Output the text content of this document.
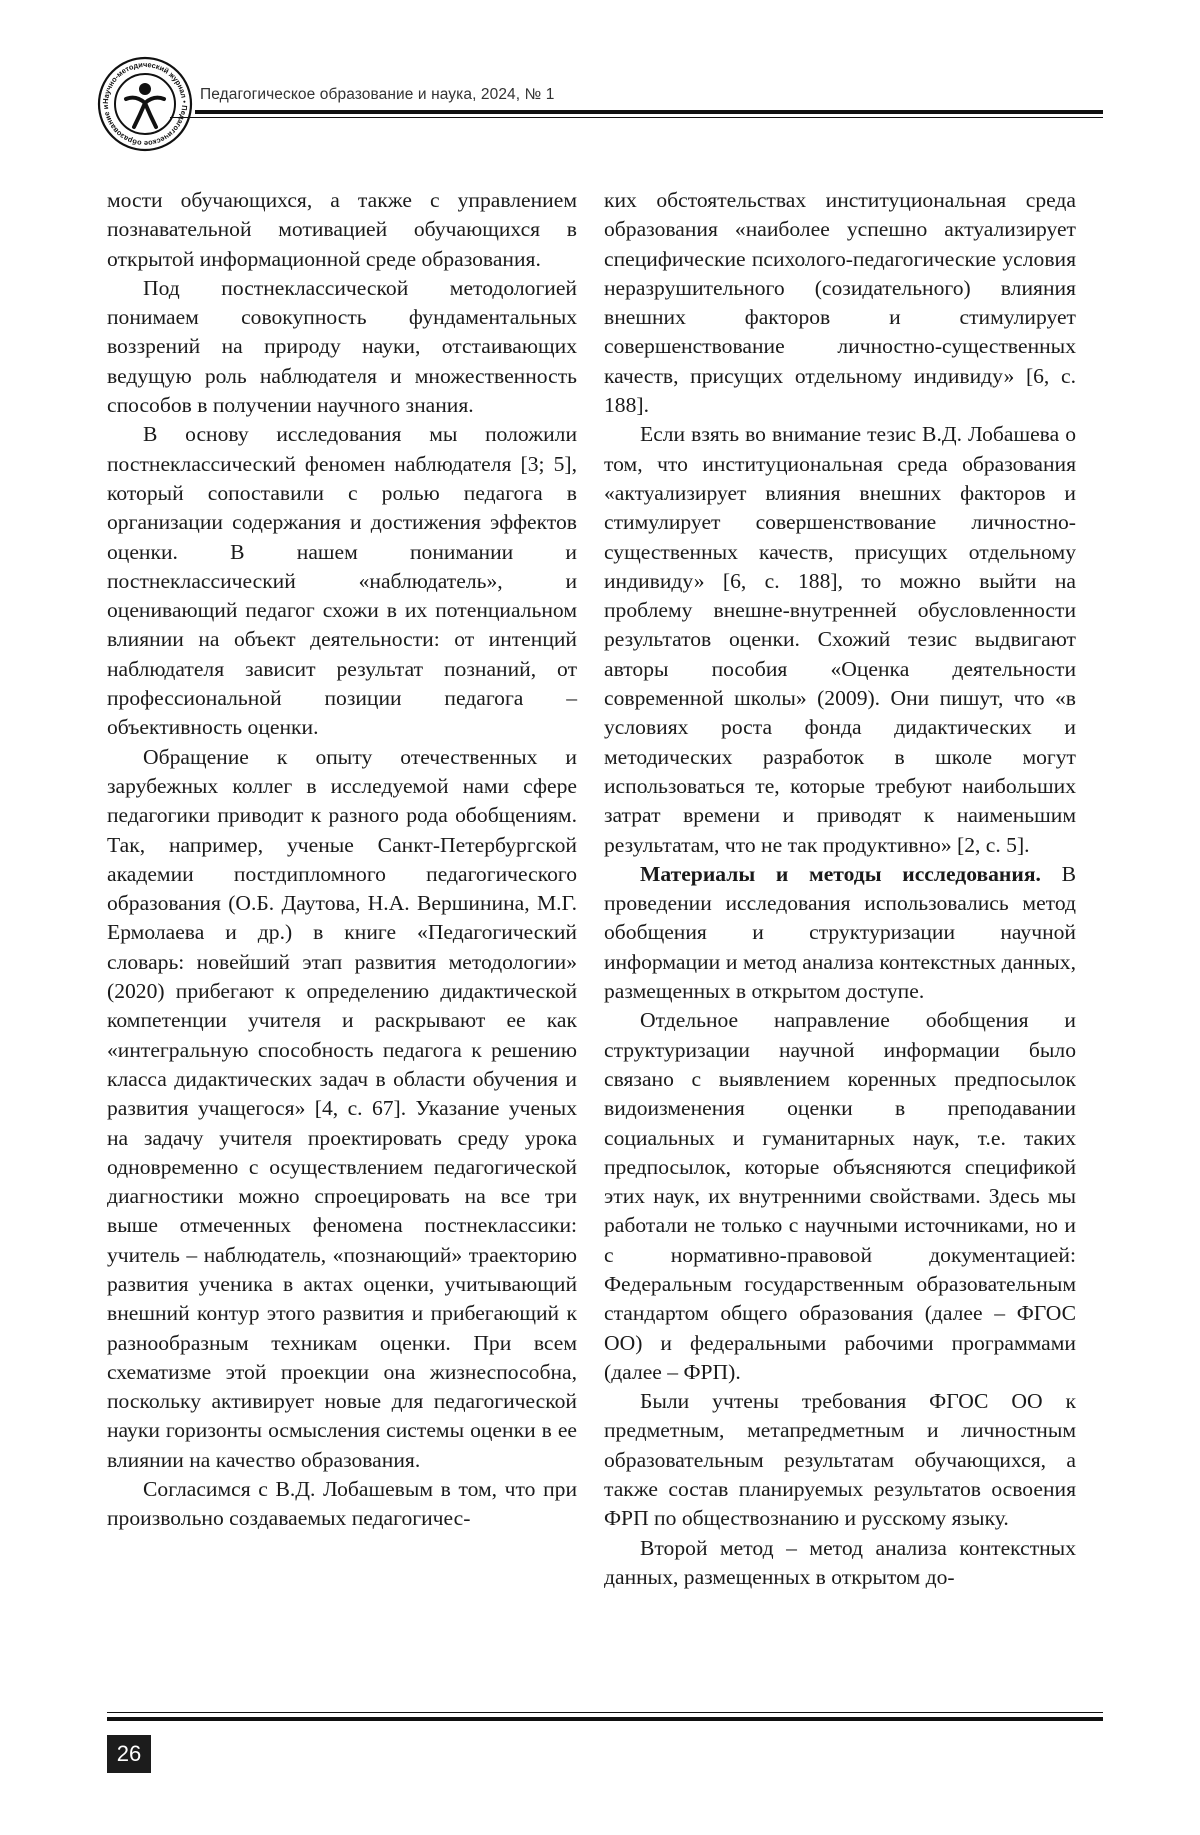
Научно-методический журнал • Пе агогическое образование и
Педагогическое образование и наука, 2024, № 1

мости обучающихся, а также с управлением познавательной мотивацией обучающихся в открытой информационной среде образования.

Под постнеклассической методологией понимаем совокупность фундаментальных воззрений на природу науки, отстаивающих ведущую роль наблюдателя и множественность способов в получении научного знания.

В основу исследования мы положили постнеклассический феномен наблюдателя [3; 5], который сопоставили с ролью педагога в организации содержания и достижения эффектов оценки. В нашем понимании и постнеклассический «наблюдатель», и оценивающий педагог схожи в их потенциальном влиянии на объект деятельности: от интенций наблюдателя зависит результат познаний, от профессиональной позиции педагога – объективность оценки.

Обращение к опыту отечественных и зарубежных коллег в исследуемой нами сфере педагогики приводит к разного рода обобщениям. Так, например, ученые Санкт-Петербургской академии постдипломного педагогического образования (О.Б. Даутова, Н.А. Вершинина, М.Г. Ермолаева и др.) в книге «Педагогический словарь: новейший этап развития методологии» (2020) прибегают к определению дидактической компетенции учителя и раскрывают ее как «интегральную способность педагога к решению класса дидактических задач в области обучения и развития учащегося» [4, с. 67]. Указание ученых на задачу учителя проектировать среду урока одновременно с осуществлением педагогической диагностики можно спроецировать на все три выше отмеченных феномена постнеклассики: учитель – наблюдатель, «познающий» траекторию развития ученика в актах оценки, учитывающий внешний контур этого развития и прибегающий к разнообразным техникам оценки. При всем схематизме этой проекции она жизнеспособна, поскольку активирует новые для педагогической науки горизонты осмысления системы оценки в ее влиянии на качество образования.

Согласимся с В.Д. Лобашевым в том, что при произвольно создаваемых педагогичес-

ких обстоятельствах институциональная среда образования «наиболее успешно актуализирует специфические психолого-педагогические условия неразрушительного (созидательного) влияния внешних факторов и стимулирует совершенствование личностно-существенных качеств, присущих отдельному индивиду» [6, с. 188].

Если взять во внимание тезис В.Д. Лобашева о том, что институциональная среда образования «актуализирует влияния внешних факторов и стимулирует совершенствование личностно-существенных качеств, присущих отдельному индивиду» [6, с. 188], то можно выйти на проблему внешне-внутренней обусловленности результатов оценки. Схожий тезис выдвигают авторы пособия «Оценка деятельности современной школы» (2009). Они пишут, что «в условиях роста фонда дидактических и методических разработок в школе могут использоваться те, которые требуют наибольших затрат времени и приводят к наименьшим результатам, что не так продуктивно» [2, с. 5].

Материалы и методы исследования. В проведении исследования использовались метод обобщения и структуризации научной информации и метод анализа контекстных данных, размещенных в открытом доступе.

Отдельное направление обобщения и структуризации научной информации было связано с выявлением коренных предпосылок видоизменения оценки в преподавании социальных и гуманитарных наук, т.е. таких предпосылок, которые объясняются спецификой этих наук, их внутренними свойствами. Здесь мы работали не только с научными источниками, но и с нормативно-правовой документацией: Федеральным государственным образовательным стандартом общего образования (далее – ФГОС ОО) и федеральными рабочими программами (далее – ФРП).

Были учтены требования ФГОС ОО к предметным, метапредметным и личностным образовательным результатам обучающихся, а также состав планируемых результатов освоения ФРП по обществознанию и русскому языку.

Второй метод – метод анализа контекстных данных, размещенных в открытом до-

26
